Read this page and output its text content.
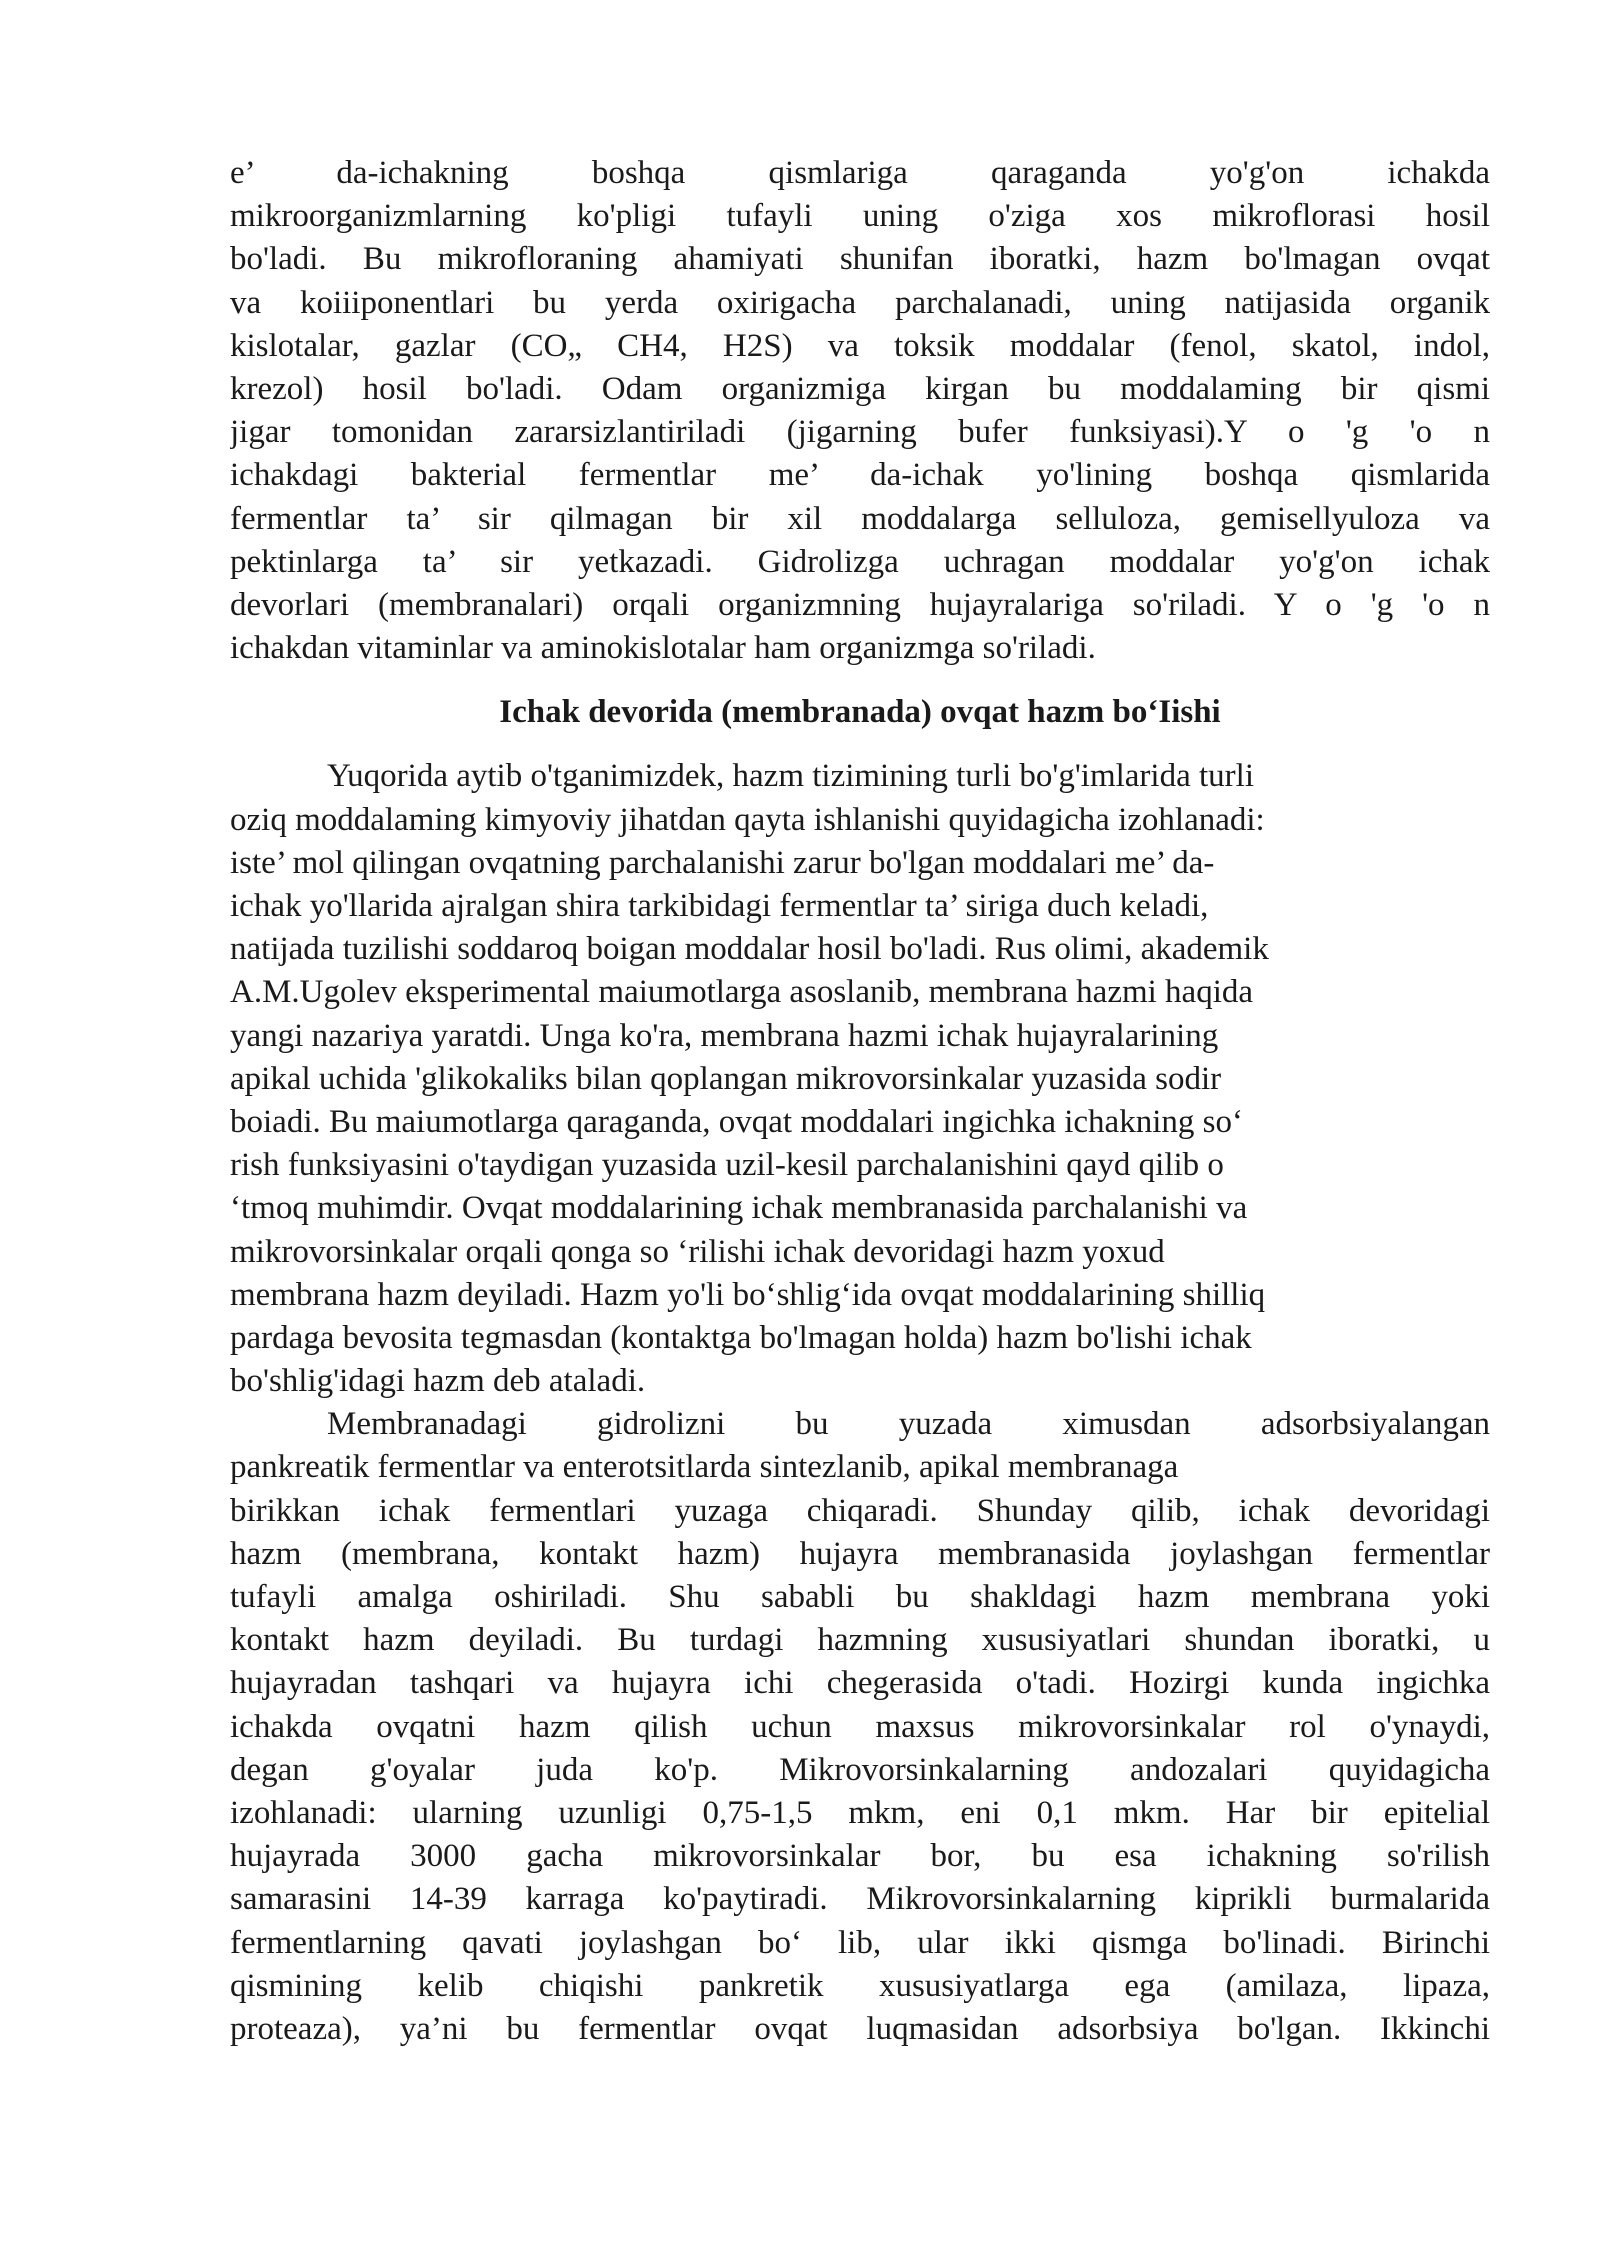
e’ da-ichakning boshqa qismlariga qaraganda yo'g'on ichakda
mikroorganizmlarning ko'pligi tufayli uning o'ziga xos mikroflorasi hosil
bo'ladi. Bu mikrofloraning ahamiyati shunifan iboratki, hazm bo'lmagan ovqat
va koiiiponentlari bu yerda oxirigacha parchalanadi, uning natijasida organik
kislotalar, gazlar (CO„ CH4, H2S) va toksik moddalar (fenol, skatol, indol,
krezol) hosil bo'ladi. Odam organizmiga kirgan bu moddalaming bir qismi
jigar tomonidan zararsizlantiriladi (jigarning bufer funksiyasi).Y o 'g 'o n
ichakdagi bakterial fermentlar me’ da-ichak yo'lining boshqa qismlarida
fermentlar ta’ sir qilmagan bir xil moddalarga selluloza, gemisellyuloza va
pektinlarga ta’ sir yetkazadi. Gidrolizga uchragan moddalar yo'g'on ichak
devorlari (membranalari) orqali organizmning hujayralariga so'riladi. Y o 'g 'o n
ichakdan vitaminlar va aminokislotalar ham organizmga so'riladi.
Ichak devorida (membranada) ovqat hazm bo‘Iishi
Yuqorida aytib o'tganimizdek, hazm tizimining turli bo'g'imlarida turli
oziq moddalaming kimyoviy jihatdan qayta ishlanishi quyidagicha izohlanadi:
iste’ mol qilingan ovqatning parchalanishi zarur bo'lgan moddalari me’ da-
ichak yo'llarida ajralgan shira tarkibidagi fermentlar ta’ siriga duch keladi,
natijada tuzilishi soddaroq boigan moddalar hosil bo'ladi. Rus olimi, akademik
A.M.Ugolev eksperimental maiumotlarga asoslanib, membrana hazmi haqida
yangi nazariya yaratdi. Unga ko'ra, membrana hazmi ichak hujayralarining
apikal uchida 'glikokaliks bilan qoplangan mikrovorsinkalar yuzasida sodir
boiadi. Bu maiumotlarga qaraganda, ovqat moddalari ingichka ichakning so‘
rish funksiyasini o'taydigan yuzasida uzil-kesil parchalanishini qayd qilib o
‘tmoq muhimdir. Ovqat moddalarining ichak membranasida parchalanishi va
mikrovorsinkalar orqali qonga so ‘rilishi ichak devoridagi hazm yoxud
membrana hazm deyiladi. Hazm yo'li bo‘shlig‘ida ovqat moddalarining shilliq
pardaga bevosita tegmasdan (kontaktga bo'lmagan holda) hazm bo'lishi ichak
bo'shlig'idagi hazm deb ataladi.
Membranadagi gidrolizni bu yuzada ximusdan adsorbsiyalangan
pankreatik fermentlar va enterotsitlarda sintezlanib, apikal membranaga
birikkan ichak fermentlari yuzaga chiqaradi. Shunday qilib, ichak devoridagi
hazm (membrana, kontakt hazm) hujayra membranasida joylashgan fermentlar
tufayli amalga oshiriladi. Shu sababli bu shakldagi hazm membrana yoki
kontakt hazm deyiladi. Bu turdagi hazmning xususiyatlari shundan iboratki, u
hujayradan tashqari va hujayra ichi chegerasida o'tadi. Hozirgi kunda ingichka
ichakda ovqatni hazm qilish uchun maxsus mikrovorsinkalar rol o'ynaydi,
degan g'oyalar juda ko'p. Mikrovorsinkalarning andozalari quyidagicha
izohlanadi: ularning uzunligi 0,75-1,5 mkm, eni 0,1 mkm. Har bir epitelial
hujayrada 3000 gacha mikrovorsinkalar bor, bu esa ichakning so'rilish
samarasini 14-39 karraga ko'paytiradi. Mikrovorsinkalarning kiprikli burmalarida
fermentlarning qavati joylashgan bo‘ lib, ular ikki qismga bo'linadi. Birinchi
qismining kelib chiqishi pankretik xususiyatlarga ega (amilaza, lipaza,
proteaza), ya’ni bu fermentlar ovqat luqmasidan adsorbsiya bo'lgan. Ikkinchi
